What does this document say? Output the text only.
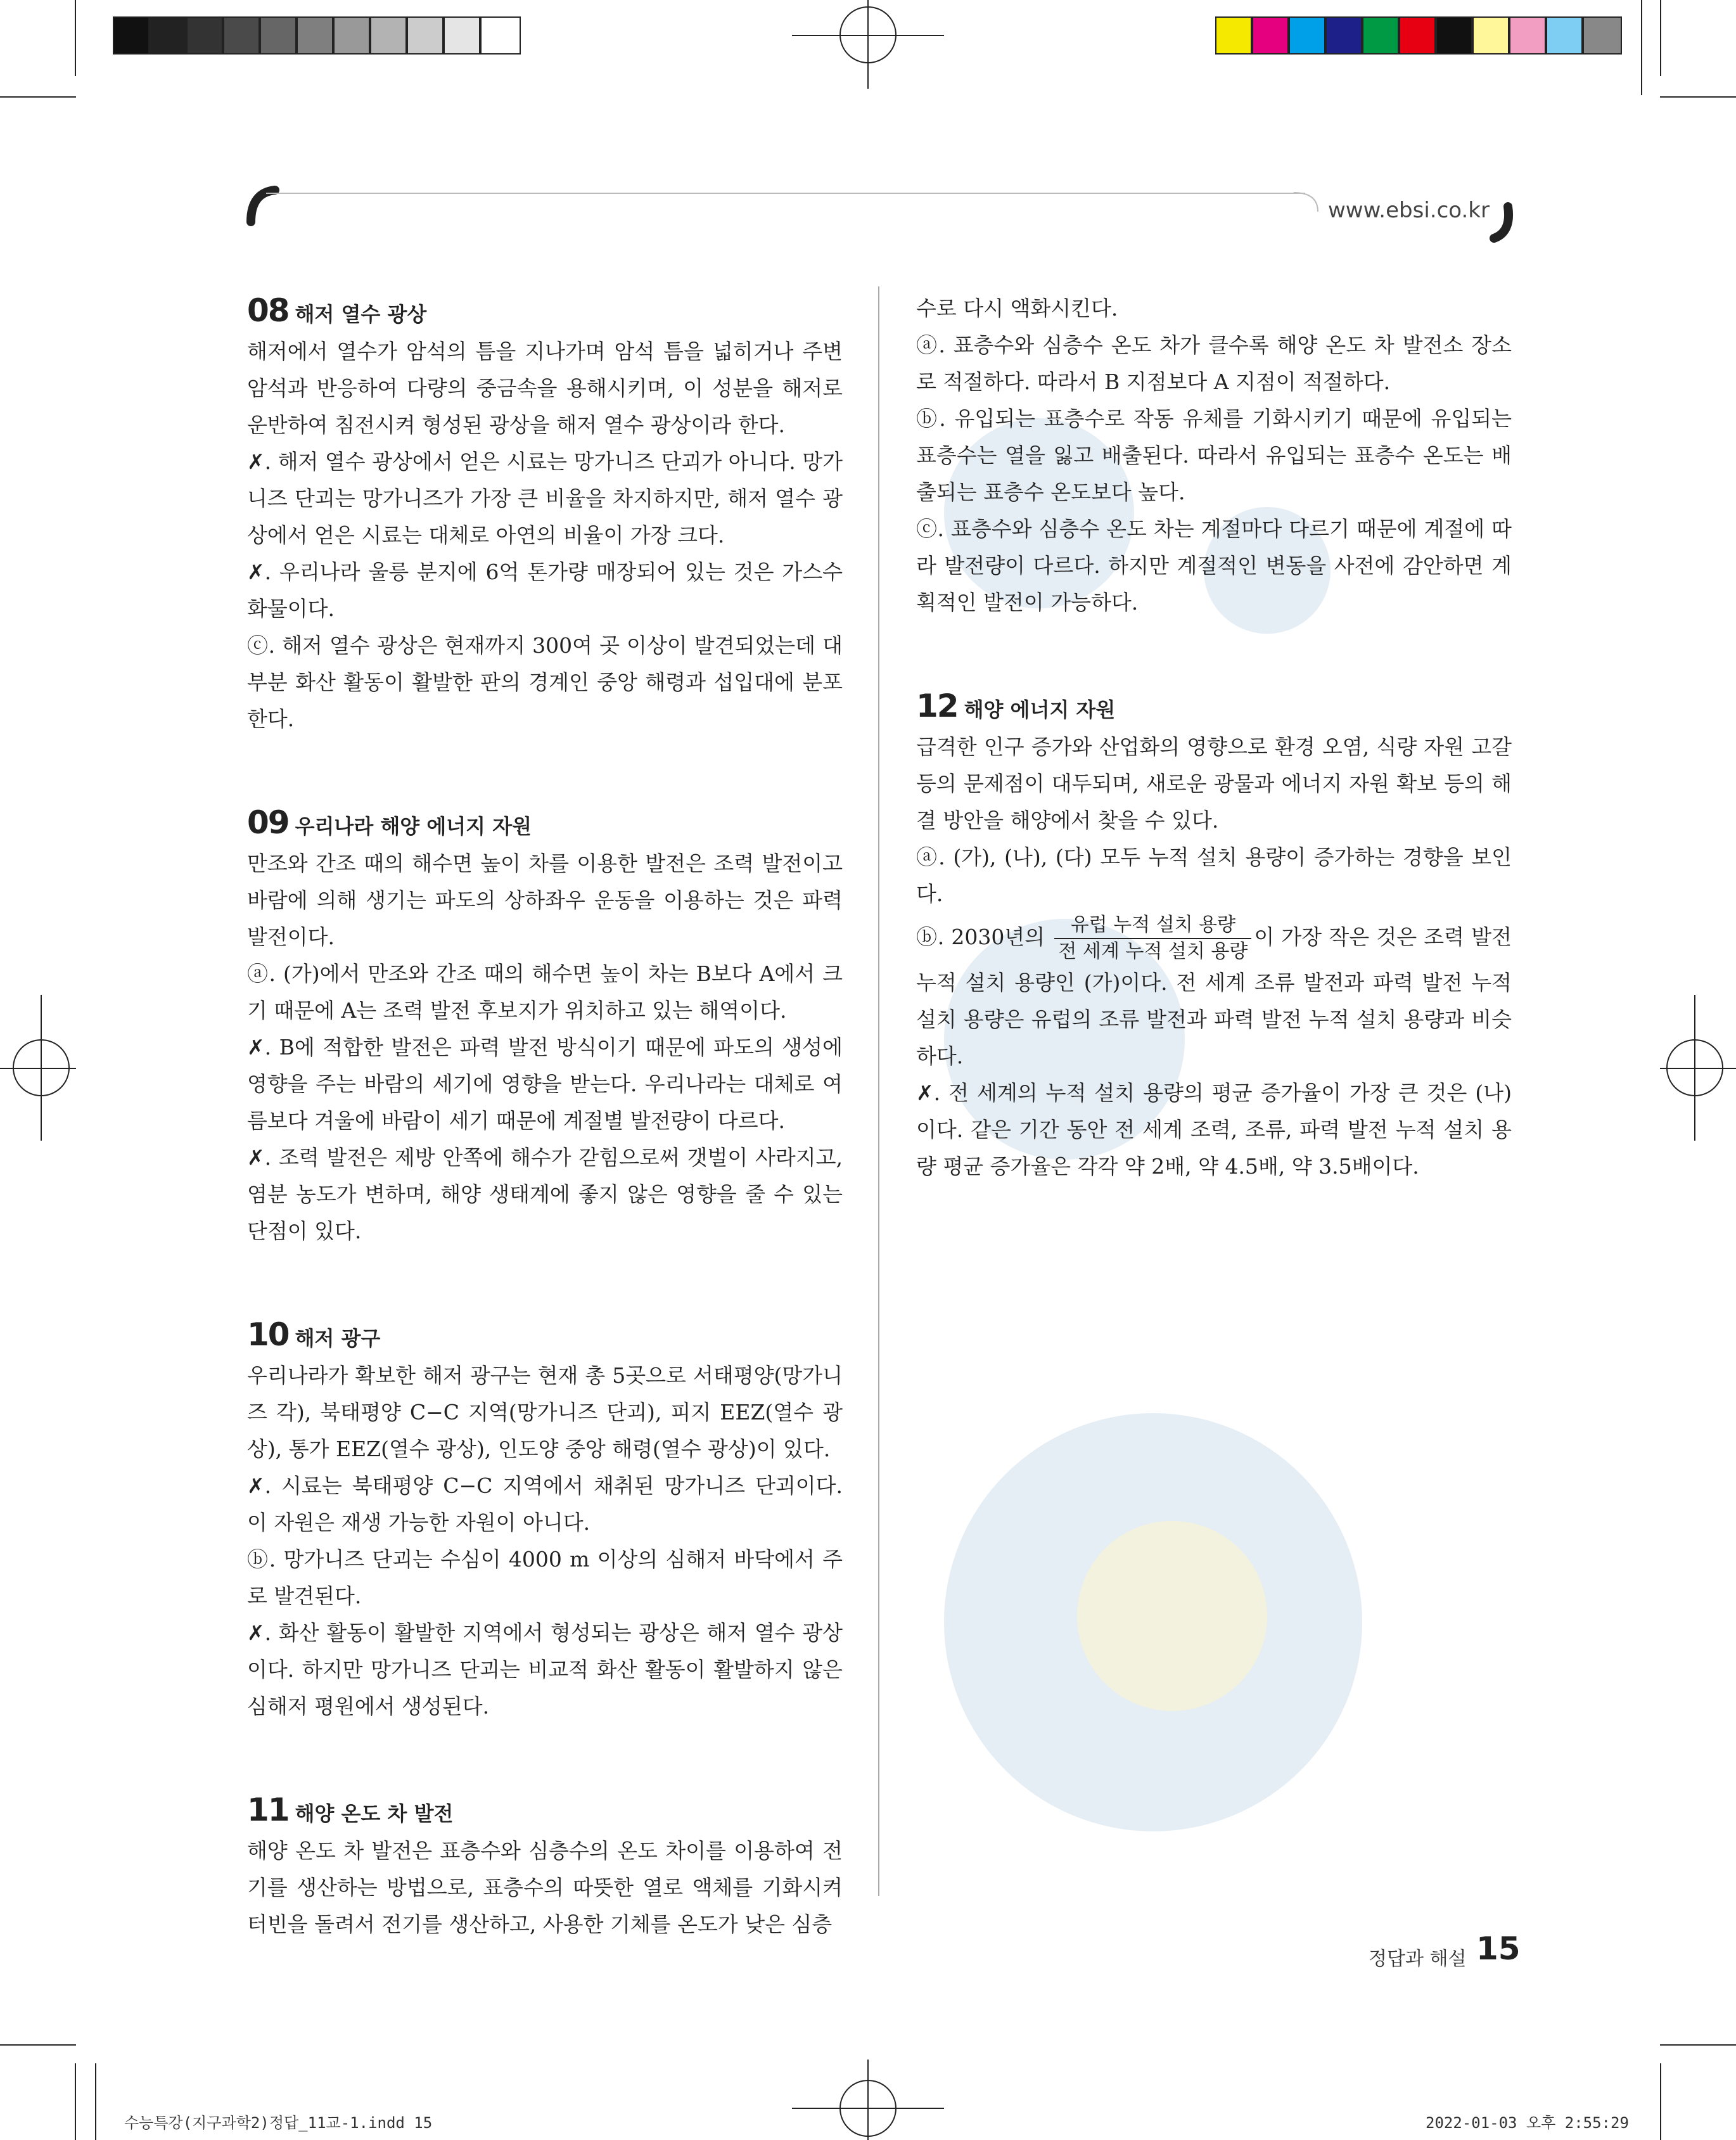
www.ebsi.co.kr

08 해저 열수 광상

해저에서 열수가 암석의 틈을 지나가며 암석 틈을 넓히거나 주변 암석과 반응하여 다량의 중금속을 용해시키며, 이 성분을 해저로 운반하여 침전시켜 형성된 광상을 해저 열수 광상이라 한다.

✗. 해저 열수 광상에서 얻은 시료는 망가니즈 단괴가 아니다. 망가니즈 단괴는 망가니즈가 가장 큰 비율을 차지하지만, 해저 열수 광상에서 얻은 시료는 대체로 아연의 비율이 가장 크다.

✗. 우리나라 울릉 분지에 6억 톤가량 매장되어 있는 것은 가스수화물이다.

ⓒ. 해저 열수 광상은 현재까지 300여 곳 이상이 발견되었는데 대부분 화산 활동이 활발한 판의 경계인 중앙 해령과 섭입대에 분포한다.

09 우리나라 해양 에너지 자원

만조와 간조 때의 해수면 높이 차를 이용한 발전은 조력 발전이고 바람에 의해 생기는 파도의 상하좌우 운동을 이용하는 것은 파력 발전이다.

ⓐ. (가)에서 만조와 간조 때의 해수면 높이 차는 B보다 A에서 크기 때문에 A는 조력 발전 후보지가 위치하고 있는 해역이다.

✗. B에 적합한 발전은 파력 발전 방식이기 때문에 파도의 생성에 영향을 주는 바람의 세기에 영향을 받는다. 우리나라는 대체로 여름보다 겨울에 바람이 세기 때문에 계절별 발전량이 다르다.

✗. 조력 발전은 제방 안쪽에 해수가 갇힘으로써 갯벌이 사라지고, 염분 농도가 변하며, 해양 생태계에 좋지 않은 영향을 줄 수 있는 단점이 있다.

10 해저 광구

우리나라가 확보한 해저 광구는 현재 총 5곳으로 서태평양(망가니즈 각), 북태평양 C−C 지역(망가니즈 단괴), 피지 EEZ(열수 광상), 통가 EEZ(열수 광상), 인도양 중앙 해령(열수 광상)이 있다.

✗. 시료는 북태평양 C−C 지역에서 채취된 망가니즈 단괴이다. 이 자원은 재생 가능한 자원이 아니다.

ⓑ. 망가니즈 단괴는 수심이 4000 m 이상의 심해저 바닥에서 주로 발견된다.

✗. 화산 활동이 활발한 지역에서 형성되는 광상은 해저 열수 광상이다. 하지만 망가니즈 단괴는 비교적 화산 활동이 활발하지 않은 심해저 평원에서 생성된다.

11 해양 온도 차 발전

해양 온도 차 발전은 표층수와 심층수의 온도 차이를 이용하여 전기를 생산하는 방법으로, 표층수의 따뜻한 열로 액체를 기화시켜 터빈을 돌려서 전기를 생산하고, 사용한 기체를 온도가 낮은 심층

수로 다시 액화시킨다.

ⓐ. 표층수와 심층수 온도 차가 클수록 해양 온도 차 발전소 장소로 적절하다. 따라서 B 지점보다 A 지점이 적절하다.

ⓑ. 유입되는 표층수로 작동 유체를 기화시키기 때문에 유입되는 표층수는 열을 잃고 배출된다. 따라서 유입되는 표층수 온도는 배출되는 표층수 온도보다 높다.

ⓒ. 표층수와 심층수 온도 차는 계절마다 다르기 때문에 계절에 따라 발전량이 다르다. 하지만 계절적인 변동을 사전에 감안하면 계획적인 발전이 가능하다.

12 해양 에너지 자원

급격한 인구 증가와 산업화의 영향으로 환경 오염, 식량 자원 고갈 등의 문제점이 대두되며, 새로운 광물과 에너지 자원 확보 등의 해결 방안을 해양에서 찾을 수 있다.

ⓐ. (가), (나), (다) 모두 누적 설치 용량이 증가하는 경향을 보인다.

ⓑ. 2030년의 $\frac{\text{유럽 누적 설치 용량}}{\text{전 세계 누적 설치 용량}}$ 이 가장 작은 것은 조력 발전 누적 설치 용량인 (가)이다. 전 세계 조류 발전과 파력 발전 누적 설치 용량은 유럽의 조류 발전과 파력 발전 누적 설치 용량과 비슷하다.

✗. 전 세계의 누적 설치 용량의 평균 증가율이 가장 큰 것은 (나)이다. 같은 기간 동안 전 세계 조력, 조류, 파력 발전 누적 설치 용량 평균 증가율은 각각 약 2배, 약 4.5배, 약 3.5배이다.

정답과 해설 15
수능특강(지구과학2)정답_11교-1.indd 15	2022-01-03 오후 2:55:29
